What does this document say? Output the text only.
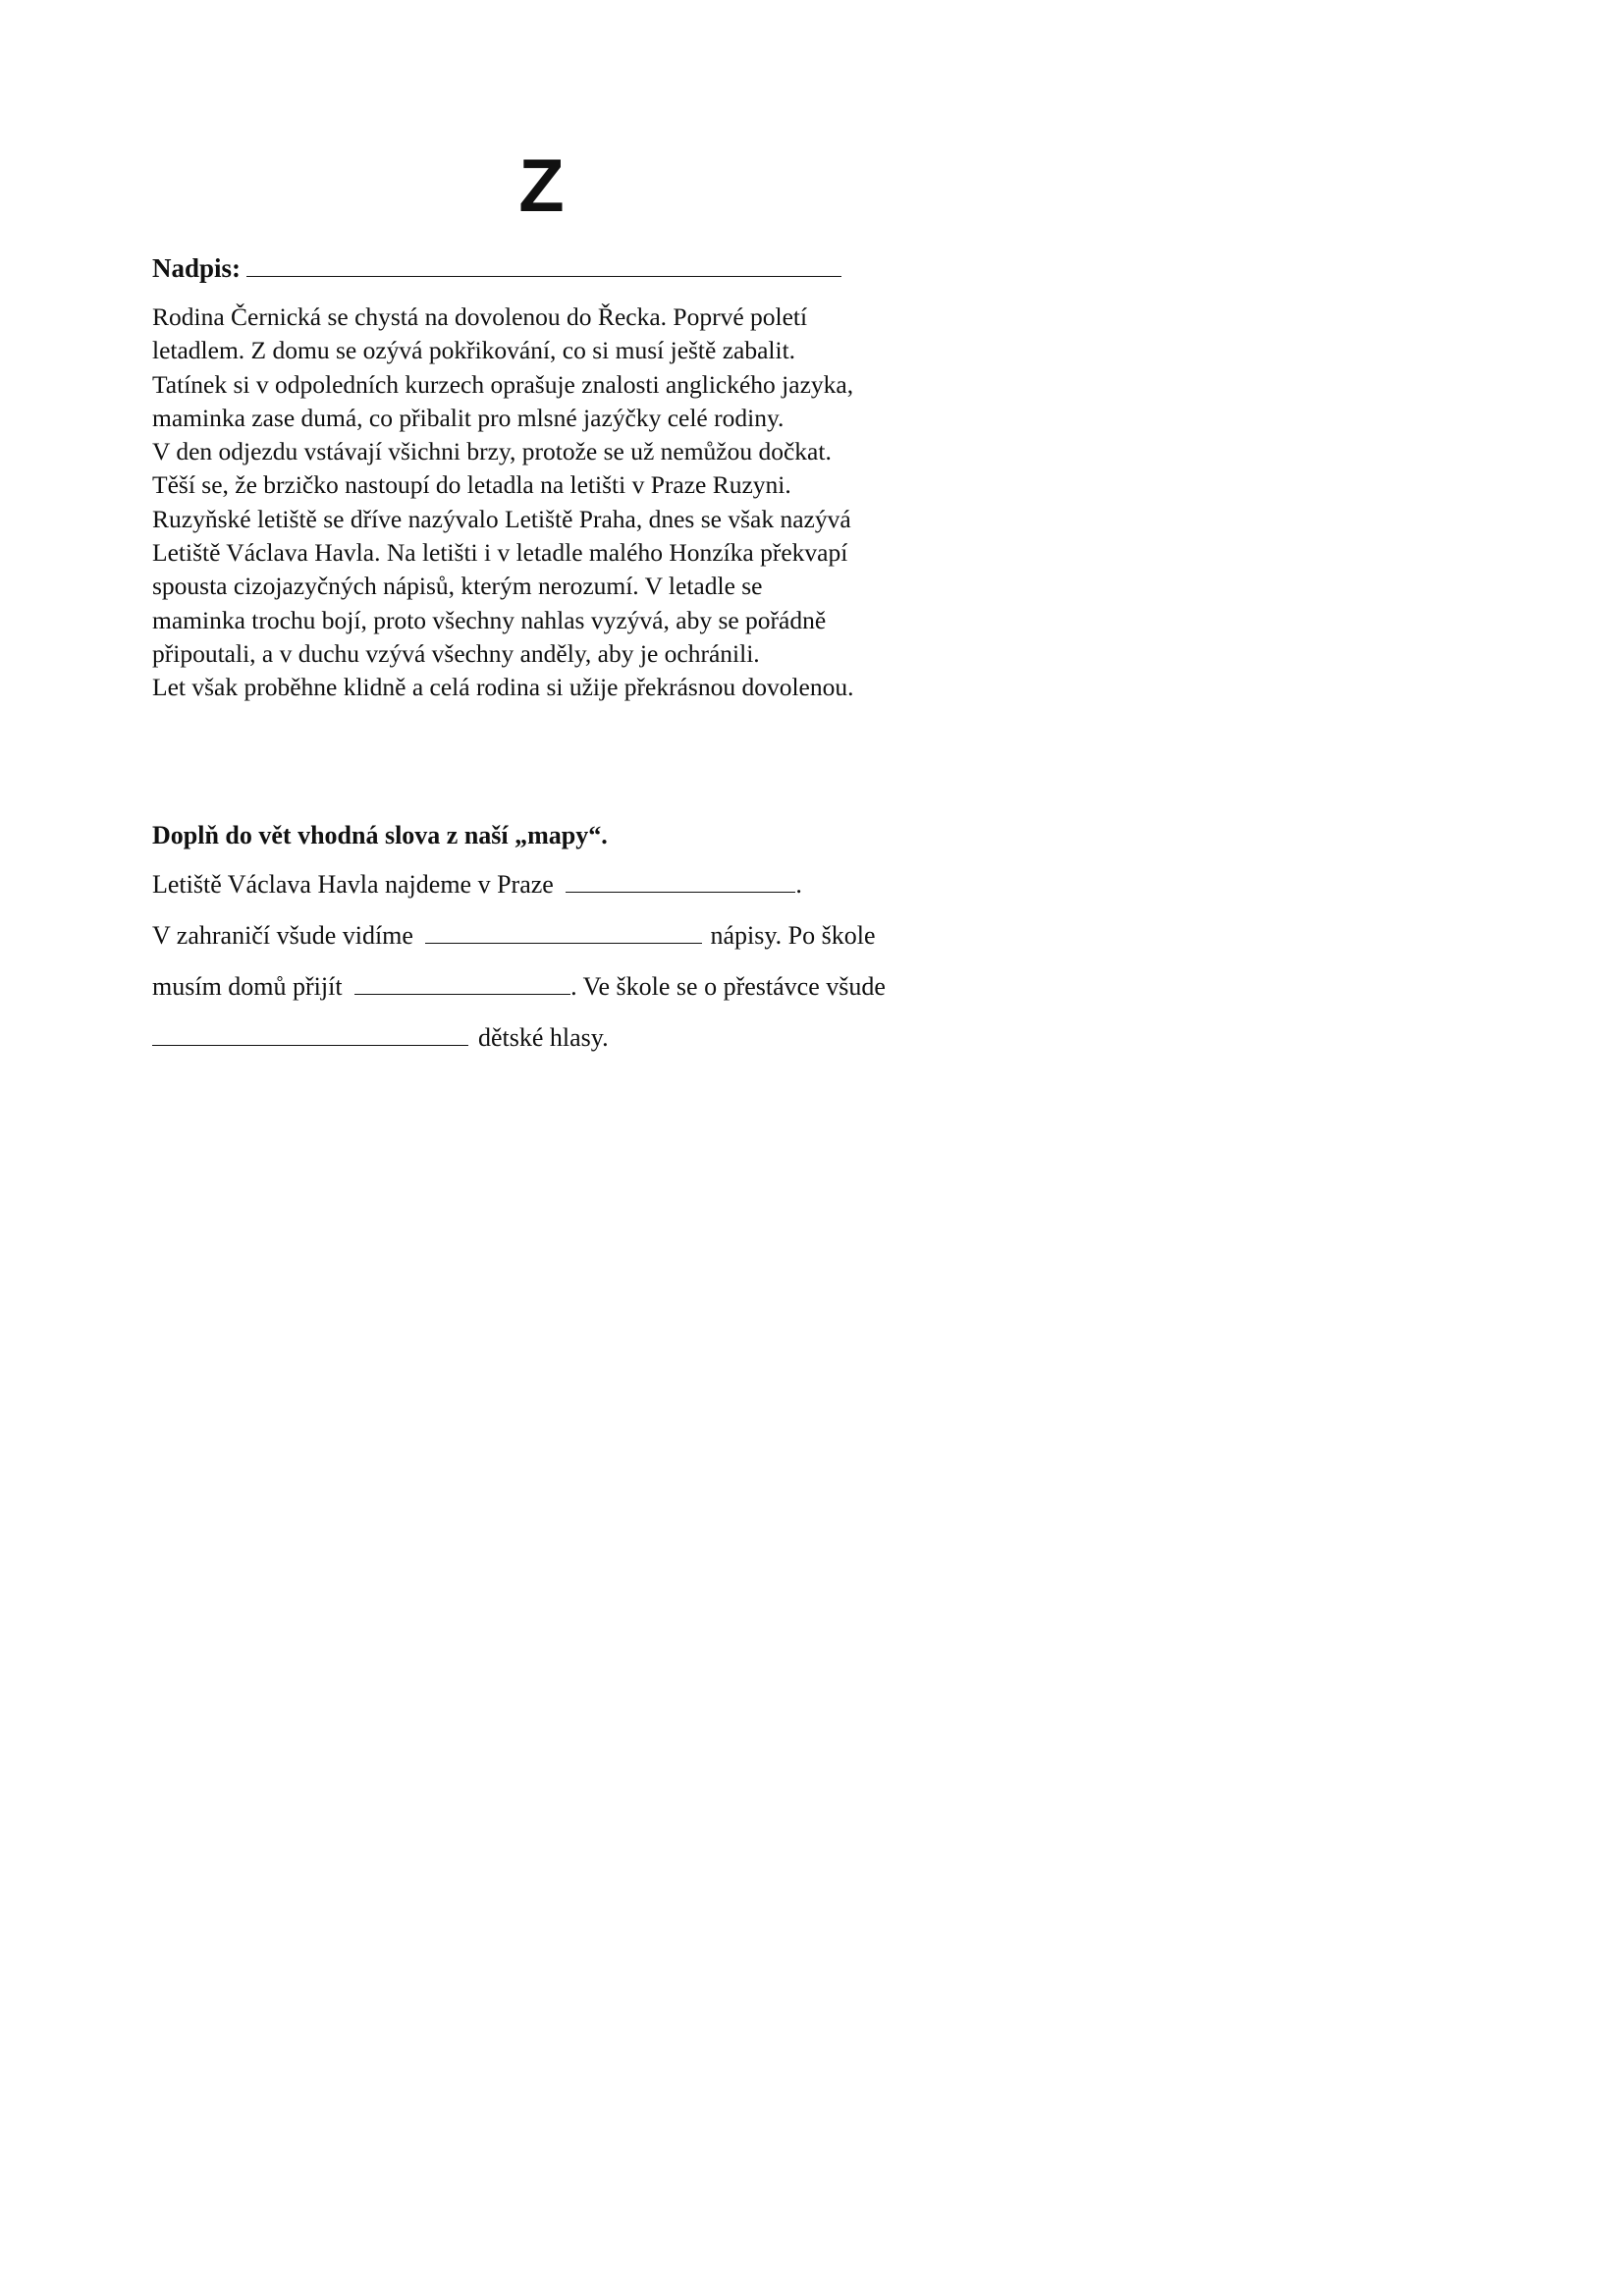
Z
Nadpis:
Rodina Černická se chystá na dovolenou do Řecka. Poprvé poletí
letadlem. Z domu se ozývá pokřikování, co si musí ještě zabalit.
Tatínek si v odpoledních kurzech oprašuje znalosti anglického jazyka,
maminka zase dumá, co přibalit pro mlsné jazýčky celé rodiny.
V den odjezdu vstávají všichni brzy, protože se už nemůžou dočkat.
Těší se, že brzičko nastoupí do letadla na letišti v Praze Ruzyni.
Ruzyňské letiště se dříve nazývalo Letiště Praha, dnes se však nazývá
Letiště Václava Havla. Na letišti i v letadle malého Honzíka překvapí
spousta cizojazyčných nápisů, kterým nerozumí. V letadle se
maminka trochu bojí, proto všechny nahlas vyzývá, aby se pořádně
připoutali, a v duchu vzývá všechny anděly, aby je ochránili.
Let však proběhne klidně a celá rodina si užije překrásnou dovolenou.
Doplň do vět vhodná slova z naší „mapy“.
Letiště Václava Havla najdeme v Praze	.
V zahraničí všude vidíme	nápisy. Po škole
musím domů přijít	. Ve škole se o přestávce všude
dětské hlasy.
